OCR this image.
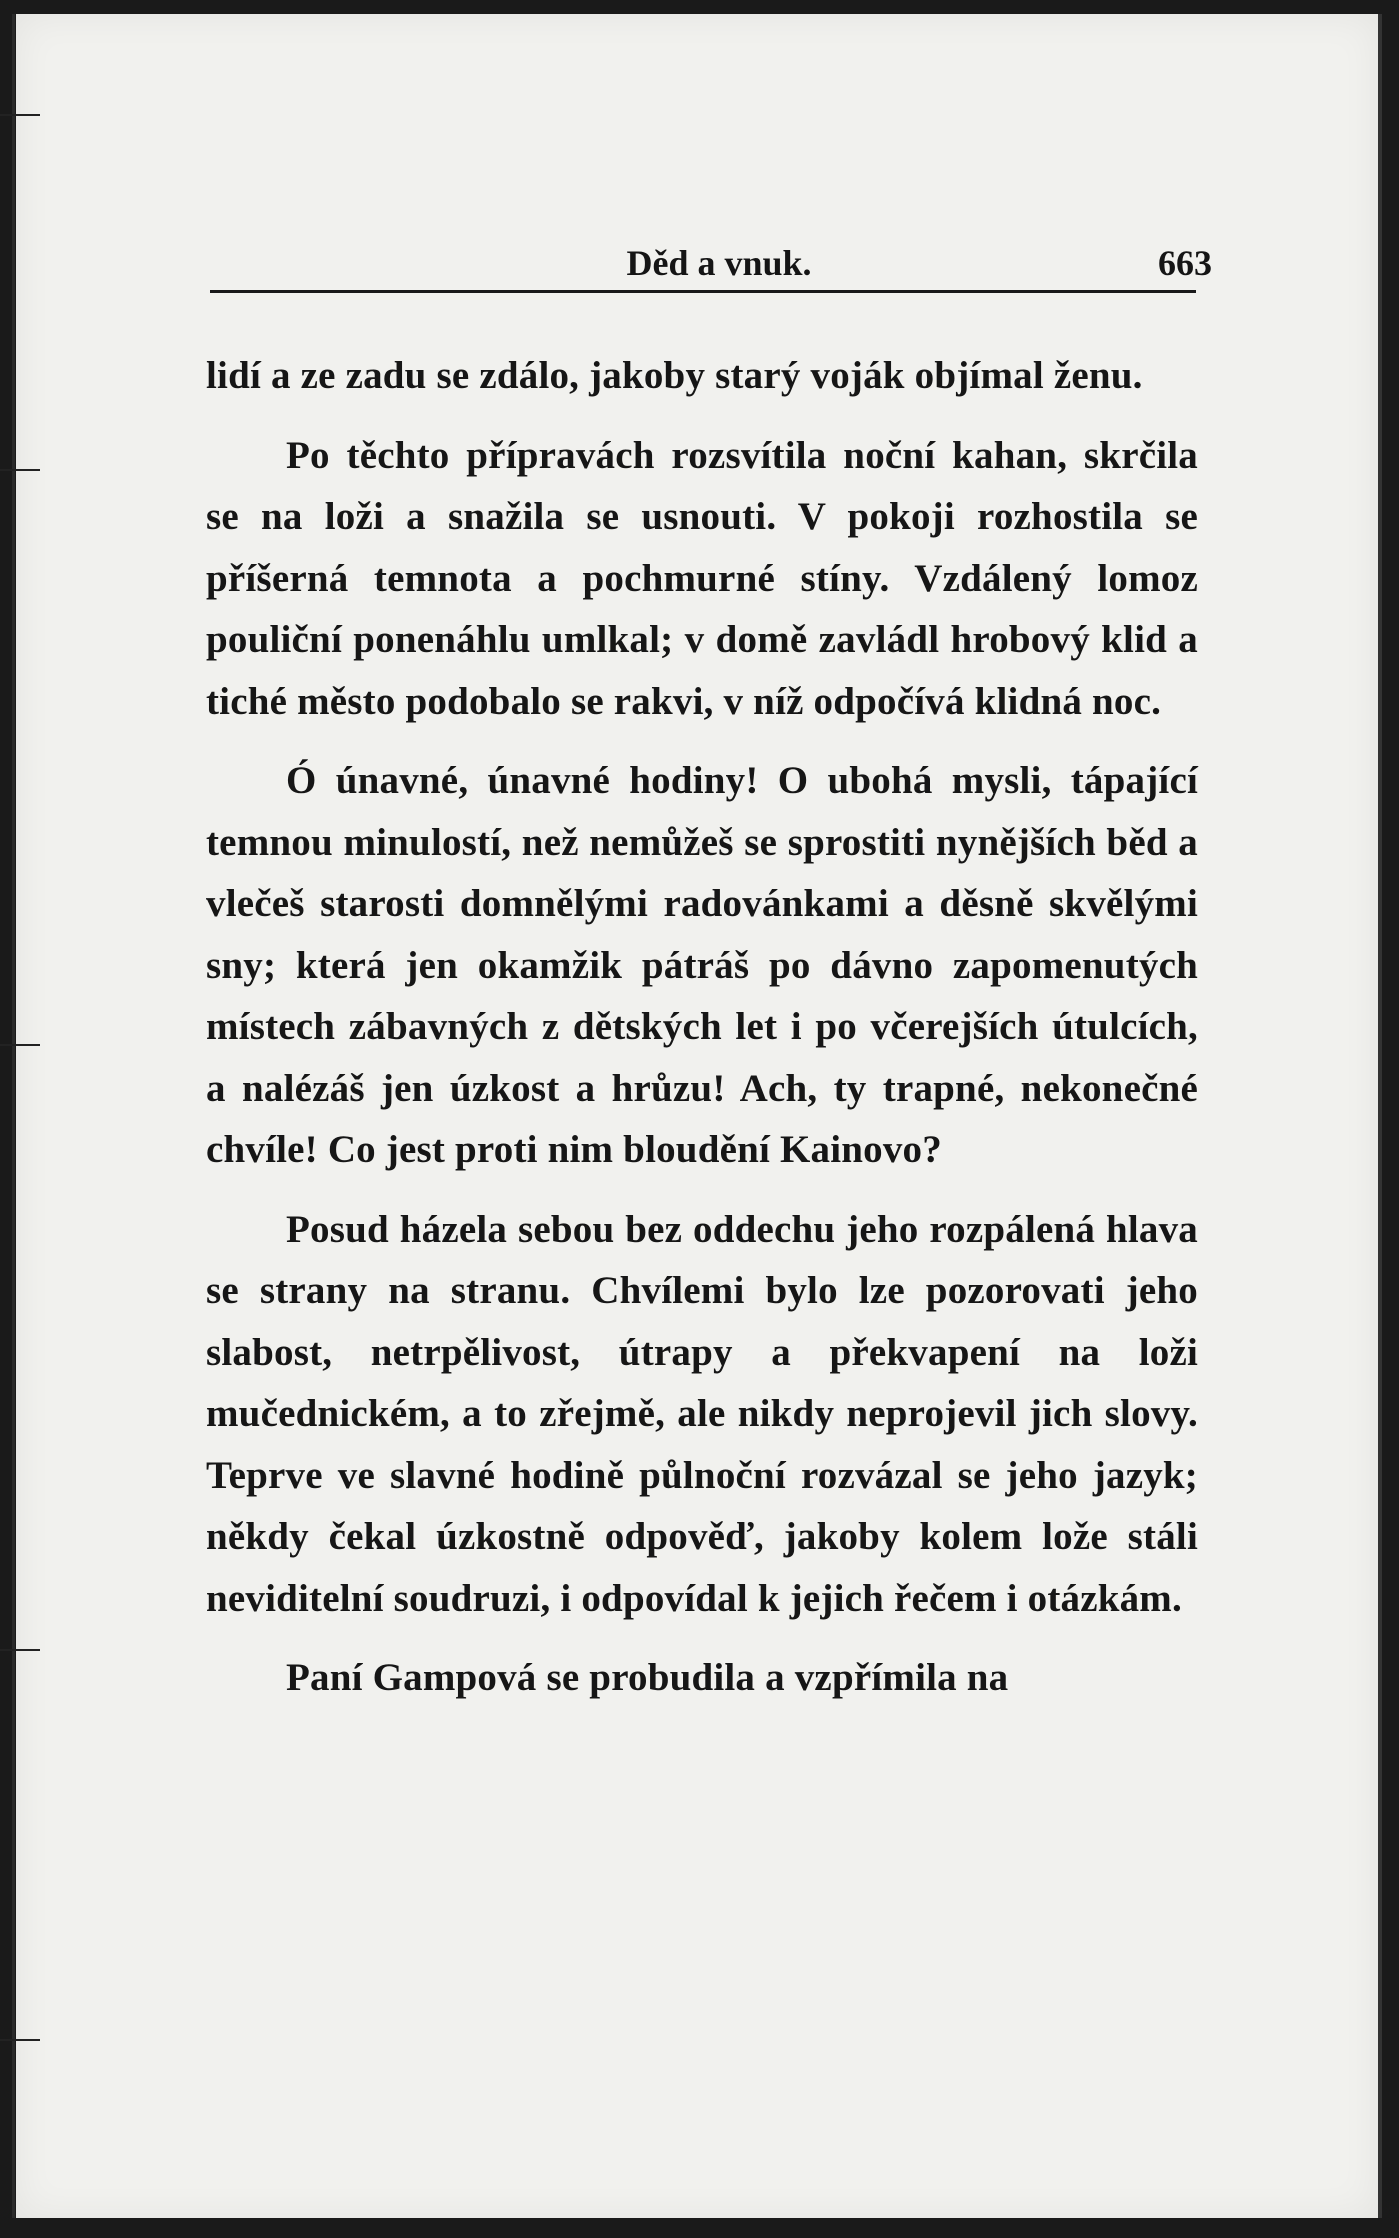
Děd a vnuk.	663

lidí a ze zadu se zdálo, jakoby starý voják objímal ženu.

Po těchto přípravách rozsvítila noční kahan, skrčila se na loži a snažila se usnouti. V pokoji rozhostila se příšerná temnota a pochmurné stíny. Vzdálený lomoz pouliční ponenáhlu umlkal; v domě zavládl hrobový klid a tiché město podobalo se rakvi, v níž odpočívá klidná noc.

Ó únavné, únavné hodiny! O ubohá mysli, tápající temnou minulostí, než nemůžeš se sprostiti nynějších běd a vlečeš starosti domnělými radovánkami a děsně skvělými sny; která jen okamžik pátráš po dávno zapomenutých místech zábavných z dětských let i po včerejších útulcích, a nalézáš jen úzkost a hrůzu! Ach, ty trapné, nekonečné chvíle! Co jest proti nim bloudění Kainovo?

Posud házela sebou bez oddechu jeho rozpálená hlava se strany na stranu. Chvílemi bylo lze pozorovati jeho slabost, netrpělivost, útrapy a překvapení na loži mučednickém, a to zřejmě, ale nikdy neprojevil jich slovy. Teprve ve slavné hodině půlnoční rozvázal se jeho jazyk; někdy čekal úzkostně odpověď, jakoby kolem lože stáli neviditelní soudruzi, i odpovídal k jejich řečem i otázkám.

Paní Gampová se probudila a vzpřímila na
